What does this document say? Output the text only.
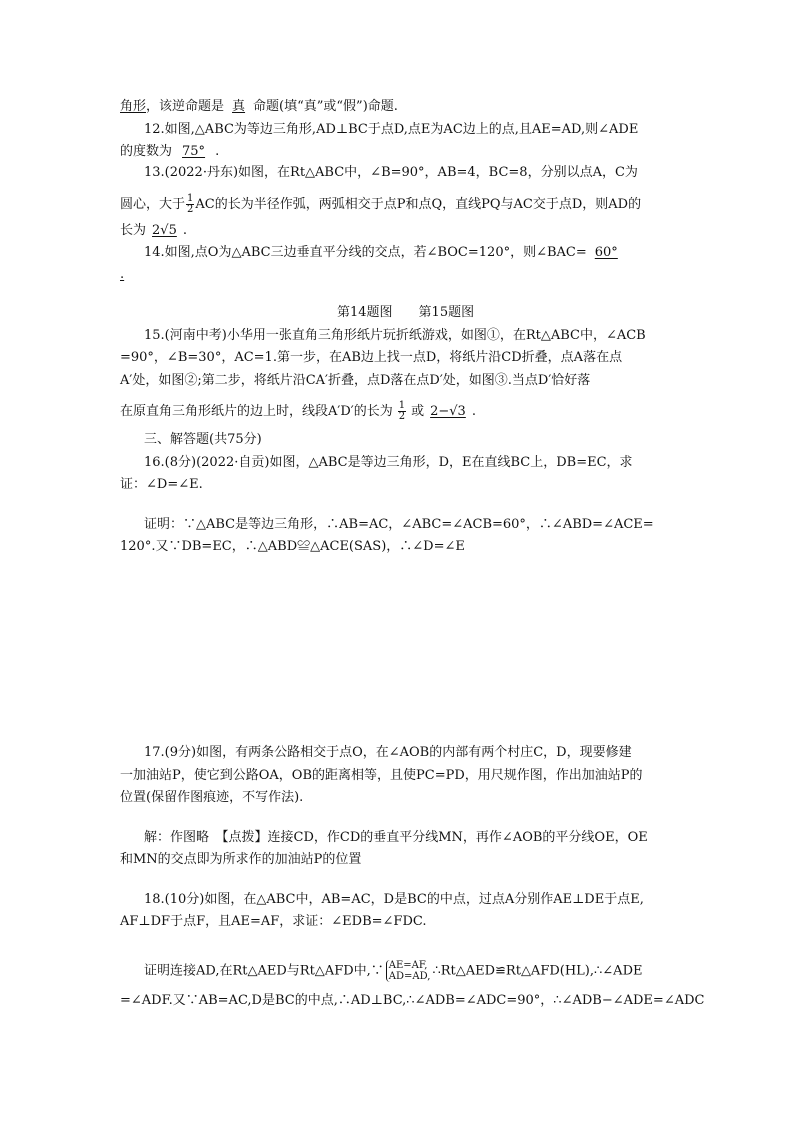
角形，该逆命题是 真 命题(填“真”或“假”)命题.
12.如图,△ABC为等边三角形,AD⊥BC于点D,点E为AC边上的点,且AE=AD,则∠ADE
的度数为 75° .
13.(2022·丹东)如图，在Rt△ABC中，∠B=90°，AB=4，BC=8，分别以点A，C为
圆心，大于 $\frac{1}{2}$ AC的长为半径作弧，两弧相交于点P和点Q，直线PQ与AC交于点D，则AD的
长为 2√5 .
14.如图,点O为△ABC三边垂直平分线的交点，若∠BOC=120°，则∠BAC= 60°
.
第14题图　　第15题图
15.(河南中考)小华用一张直角三角形纸片玩折纸游戏，如图①，在Rt△ABC中，∠ACB
=90°，∠B=30°，AC=1.第一步，在AB边上找一点D，将纸片沿CD折叠，点A落在点
A′处，如图②;第二步，将纸片沿CA′折叠，点D落在点D′处，如图③.当点D′恰好落
在原直角三角形纸片的边上时，线段A′D′的长为 $\frac{1}{2}$ 或 2−√3 .
三、解答题(共75分)
16.(8分)(2022·自贡)如图，△ABC是等边三角形，D，E在直线BC上，DB=EC，求
证：∠D=∠E.
证明：∵△ABC是等边三角形，∴AB=AC，∠ABC=∠ACB=60°，∴∠ABD=∠ACE=
120°.又∵DB=EC，∴△ABD≌△ACE(SAS)，∴∠D=∠E
17.(9分)如图，有两条公路相交于点O，在∠AOB的内部有两个村庄C，D，现要修建
一加油站P，使它到公路OA，OB的距离相等，且使PC=PD，用尺规作图，作出加油站P的
位置(保留作图痕迹，不写作法).
解：作图略　【点拨】连接CD，作CD的垂直平分线MN，再作∠AOB的平分线OE，OE
和MN的交点即为所求作的加油站P的位置
18.(10分)如图，在△ABC中，AB=AC，D是BC的中点，过点A分别作AE⊥DE于点E,
AF⊥DF于点F，且AE=AF，求证：∠EDB=∠FDC.
证明连接AD,在Rt△AED与Rt△AFD中,∵ AE=AF,
AD=AD, ∴Rt△AED≌Rt△AFD(HL),∴∠ADE
=∠ADF.又∵AB=AC,D是BC的中点,∴AD⊥BC,∴∠ADB=∠ADC=90°，∴∠ADB−∠ADE=∠ADC
